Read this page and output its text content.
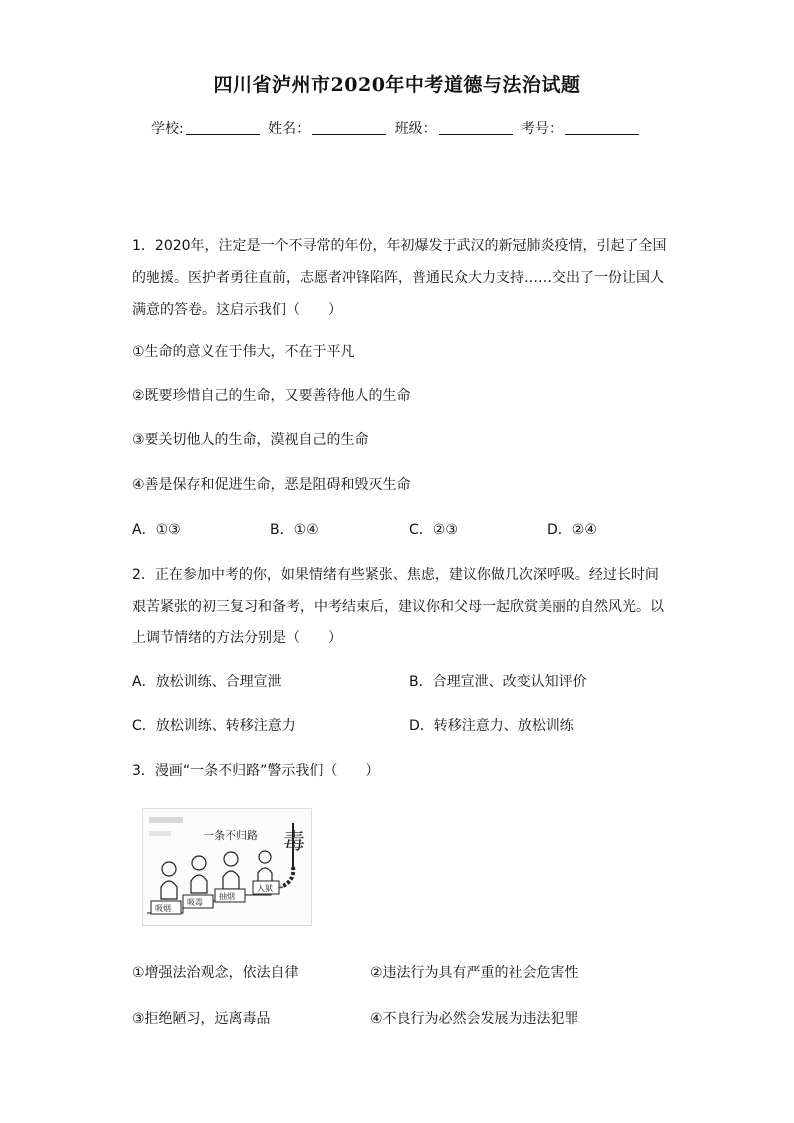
四川省泸州市2020年中考道德与法治试题
学校:	姓名：	班级：	考号：
1．2020年，注定是一个不寻常的年份，年初爆发于武汉的新冠肺炎疫情，引起了全国
的驰援。医护者勇往直前，志愿者冲锋陷阵，普通民众大力支持……交出了一份让国人
满意的答卷。这启示我们（　　）
①生命的意义在于伟大，不在于平凡
②既要珍惜自己的生命，又要善待他人的生命
③要关切他人的生命，漠视自己的生命
④善是保存和促进生命，恶是阻碍和毁灭生命
A．①③	B．①④	C．②③	D．②④
2．正在参加中考的你，如果情绪有些紧张、焦虑，建议你做几次深呼吸。经过长时间
艰苦紧张的初三复习和备考，中考结束后，建议你和父母一起欣赏美丽的自然风光。以
上调节情绪的方法分别是（　　）
A．放松训练、合理宣泄	B．合理宣泄、改变认知评价
C．放松训练、转移注意力	D．转移注意力、放松训练
3．漫画“一条不归路”警示我们（　　）
一条不归路 毒
吸烟
吸毒
抽烟
入狱
①增强法治观念，依法自律	②违法行为具有严重的社会危害性
③拒绝陋习，远离毒品	④不良行为必然会发展为违法犯罪
